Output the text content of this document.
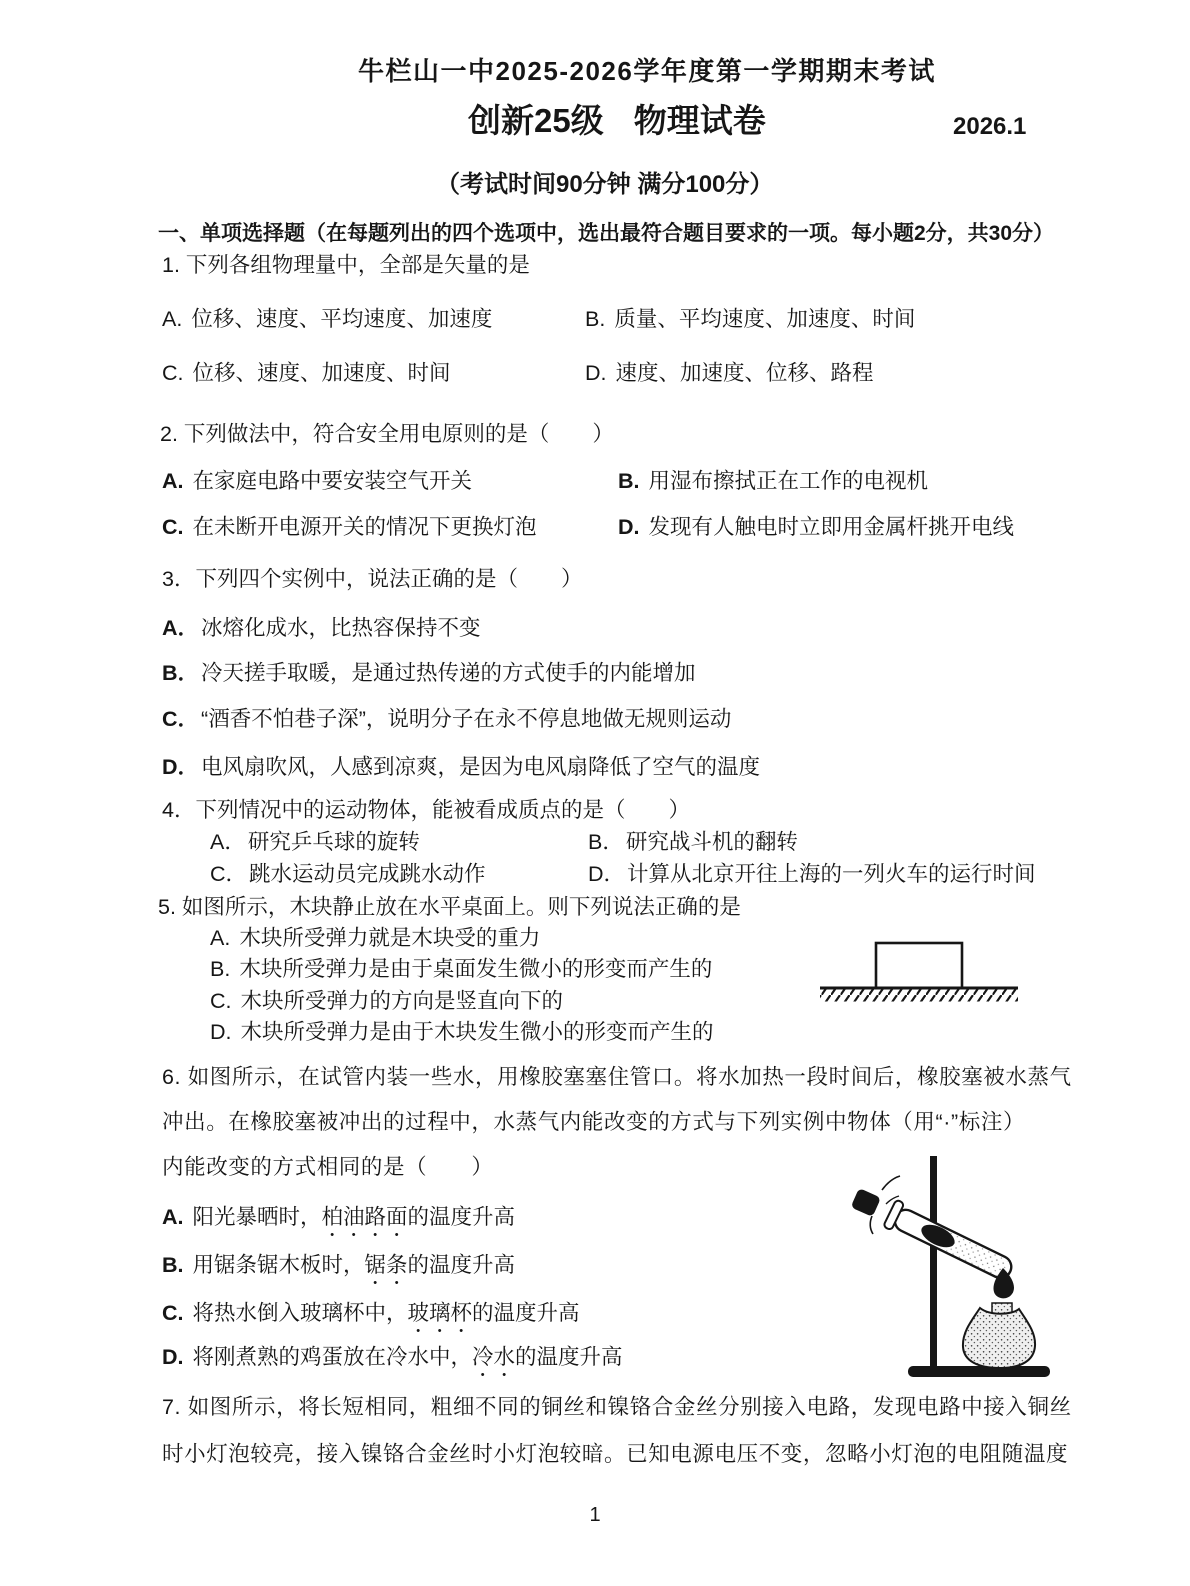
牛栏山一中2025-2026学年度第一学期期末考试
创新25级 物理试卷	2026.1
（考试时间90分钟 满分100分）
一、单项选择题（在每题列出的四个选项中，选出最符合题目要求的一项。每小题2分，共30分）
1. 下列各组物理量中，全部是矢量的是
A. 位移、速度、平均速度、加速度	B. 质量、平均速度、加速度、时间
C. 位移、速度、加速度、时间	D. 速度、加速度、位移、路程
2. 下列做法中，符合安全用电原则的是（　　）
A. 在家庭电路中要安装空气开关	B. 用湿布擦拭正在工作的电视机
C. 在未断开电源开关的情况下更换灯泡	D. 发现有人触电时立即用金属杆挑开电线
3．下列四个实例中，说法正确的是（　　）
A．冰熔化成水，比热容保持不变
B．冷天搓手取暖，是通过热传递的方式使手的内能增加
C．“酒香不怕巷子深”，说明分子在永不停息地做无规则运动
D．电风扇吹风，人感到凉爽，是因为电风扇降低了空气的温度
4．下列情况中的运动物体，能被看成质点的是（　　）
A．研究乒乓球的旋转	B．研究战斗机的翻转
C．跳水运动员完成跳水动作	D．计算从北京开往上海的一列火车的运行时间
5. 如图所示，木块静止放在水平桌面上。则下列说法正确的是
A. 木块所受弹力就是木块受的重力
B. 木块所受弹力是由于桌面发生微小的形变而产生的
C. 木块所受弹力的方向是竖直向下的
D. 木块所受弹力是由于木块发生微小的形变而产生的
6. 如图所示，在试管内装一些水，用橡胶塞塞住管口。将水加热一段时间后，橡胶塞被水蒸气
冲出。在橡胶塞被冲出的过程中，水蒸气内能改变的方式与下列实例中物体（用“·”标注）
内能改变的方式相同的是（　　）
A. 阳光暴晒时，柏油路面的温度升高
B. 用锯条锯木板时，锯条的温度升高
C. 将热水倒入玻璃杯中，玻璃杯的温度升高
D. 将刚煮熟的鸡蛋放在冷水中，冷水的温度升高
7. 如图所示，将长短相同，粗细不同的铜丝和镍铬合金丝分别接入电路，发现电路中接入铜丝
时小灯泡较亮，接入镍铬合金丝时小灯泡较暗。已知电源电压不变，忽略小灯泡的电阻随温度
1
